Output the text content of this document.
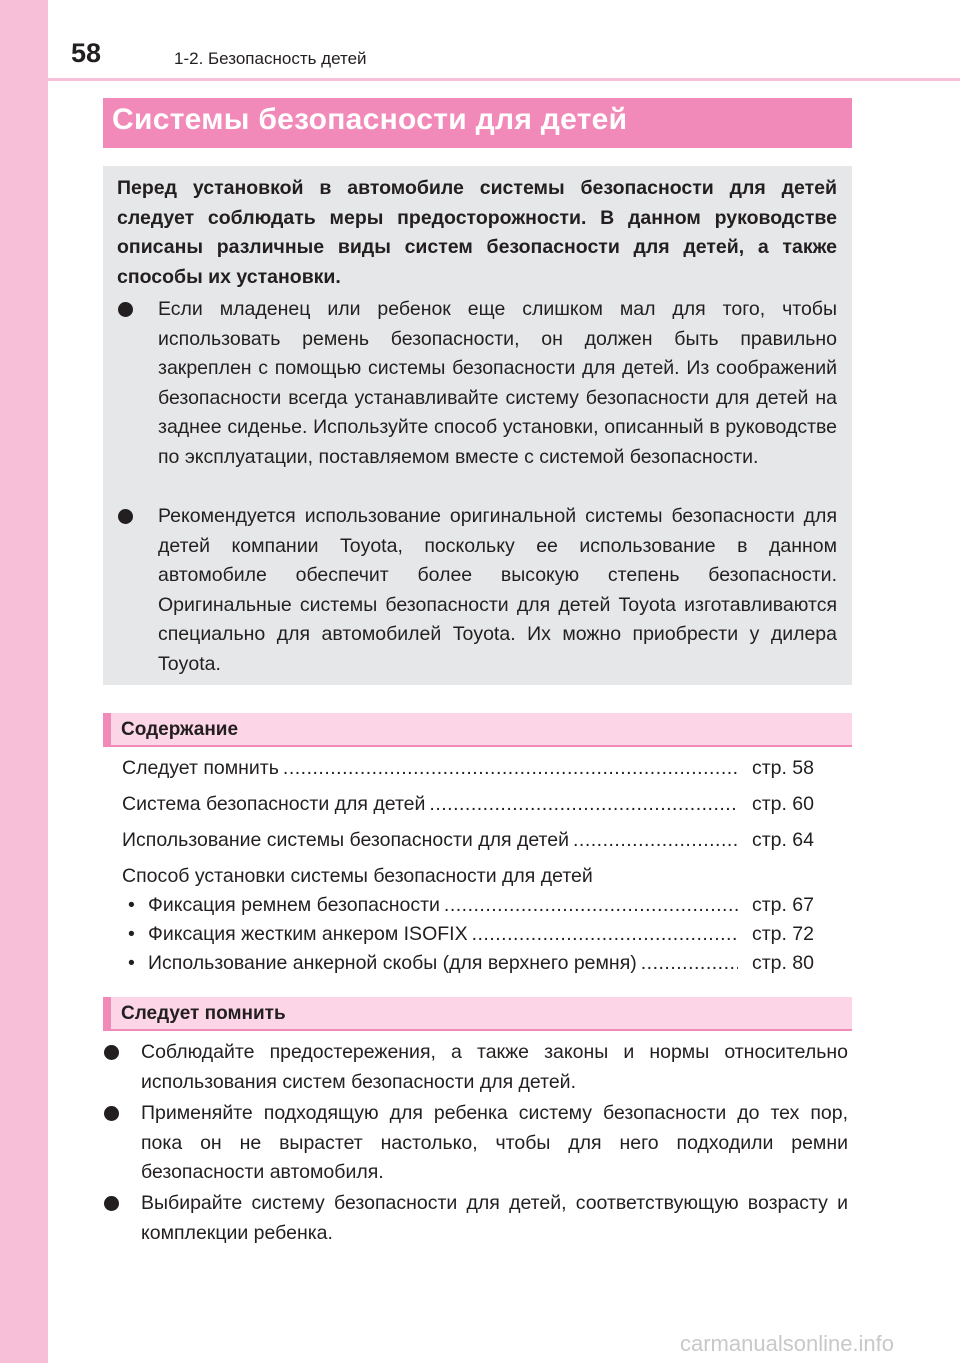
58	1-2. Безопасность детей
Системы безопасности для детей
Перед установкой в автомобиле системы безопасности для детей следует соблюдать меры предосторожности. В данном руководстве описаны различные виды систем безопасности для детей, а также способы их установки.
Если младенец или ребенок еще слишком мал для того, чтобы использовать ремень безопасности, он должен быть правильно закреплен с помощью системы безопасности для детей. Из соображений безопасности всегда устанавливайте систему безопасности для детей на заднее сиденье. Используйте способ установки, описанный в руководстве по эксплуатации, поставляемом вместе с системой безопасности.
Рекомендуется использование оригинальной системы безопасности для детей компании Toyota, поскольку ее использование в данном автомобиле обеспечит более высокую степень безопасности. Оригинальные системы безопасности для детей Toyota изготавливаются специально для автомобилей Toyota. Их можно приобрести у дилера Toyota.
Содержание
Следует помнить .....	стр. 58
Система безопасности для детей .....	стр. 60
Использование системы безопасности для детей .....	стр. 64
Способ установки системы безопасности для детей
• Фиксация ремнем безопасности .....	стр. 67
• Фиксация жестким анкером ISOFIX .....	стр. 72
• Использование анкерной скобы (для верхнего ремня) .....	стр. 80
Следует помнить
Соблюдайте предостережения, а также законы и нормы относительно использования систем безопасности для детей.
Применяйте подходящую для ребенка систему безопасности до тех пор, пока он не вырастет настолько, чтобы для него подходили ремни безопасности автомобиля.
Выбирайте систему безопасности для детей, соответствующую возрасту и комплекции ребенка.
carmanualsonline.info
